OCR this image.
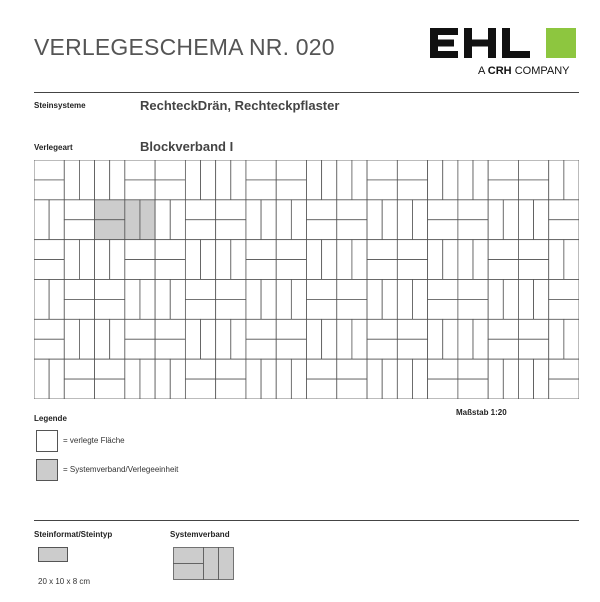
VERLEGESCHEMA NR. 020
A CRH COMPANY
Steinsysteme	RechteckDrän, Rechteckpflaster
Verlegeart	Blockverband I
Legende
Maßstab 1:20
= verlegte Fläche
= Systemverband/Verlegeeinheit
Steinformat/Steintyp	Systemverband
20 x 10 x 8 cm
